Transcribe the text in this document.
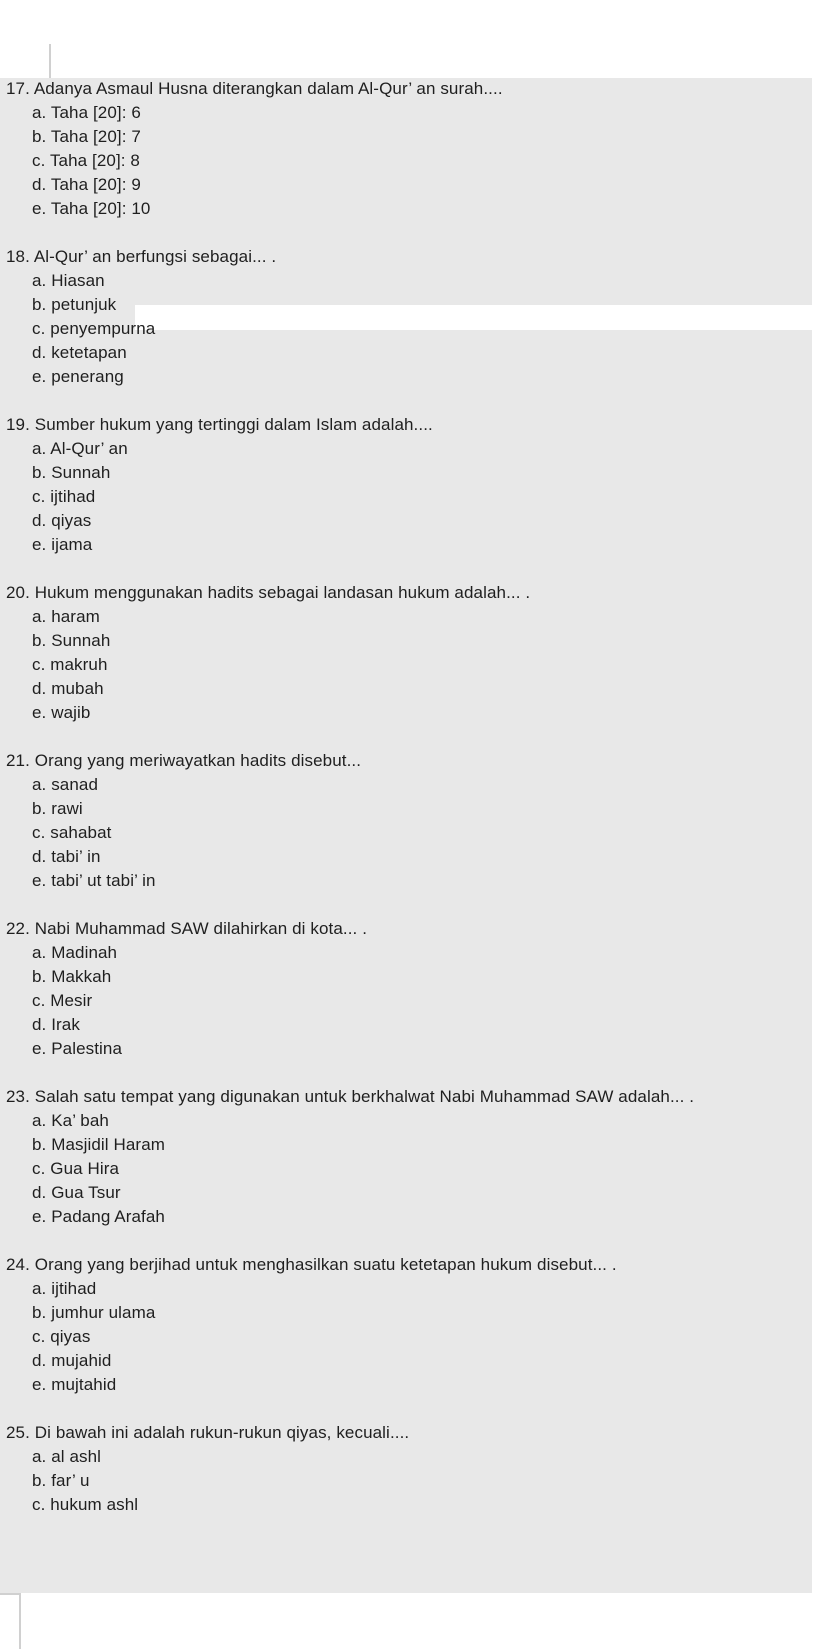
17. Adanya Asmaul Husna diterangkan dalam Al-Qur’ an surah....
a. Taha [20]: 6
b. Taha [20]: 7
c. Taha [20]: 8
d. Taha [20]: 9
e. Taha [20]: 10
18. Al-Qur’ an berfungsi sebagai... .
a. Hiasan
b. petunjuk
c. penyempurna
d. ketetapan
e. penerang
19. Sumber hukum yang tertinggi dalam Islam adalah....
a. Al-Qur’ an
b. Sunnah
c. ijtihad
d. qiyas
e. ijama
20. Hukum menggunakan hadits sebagai landasan hukum adalah... .
a. haram
b. Sunnah
c. makruh
d. mubah
e. wajib
21. Orang yang meriwayatkan hadits disebut...
a. sanad
b. rawi
c. sahabat
d. tabi’ in
e. tabi’ ut tabi’ in
22. Nabi Muhammad SAW dilahirkan di kota... .
a. Madinah
b. Makkah
c. Mesir
d. Irak
e. Palestina
23. Salah satu tempat yang digunakan untuk berkhalwat Nabi Muhammad SAW adalah... .
a. Ka’ bah
b. Masjidil Haram
c. Gua Hira
d. Gua Tsur
e. Padang Arafah
24. Orang yang berjihad untuk menghasilkan suatu ketetapan hukum disebut... .
a. ijtihad
b. jumhur ulama
c. qiyas
d. mujahid
e. mujtahid
25. Di bawah ini adalah rukun-rukun qiyas, kecuali....
a. al ashl
b. far’ u
c. hukum ashl
